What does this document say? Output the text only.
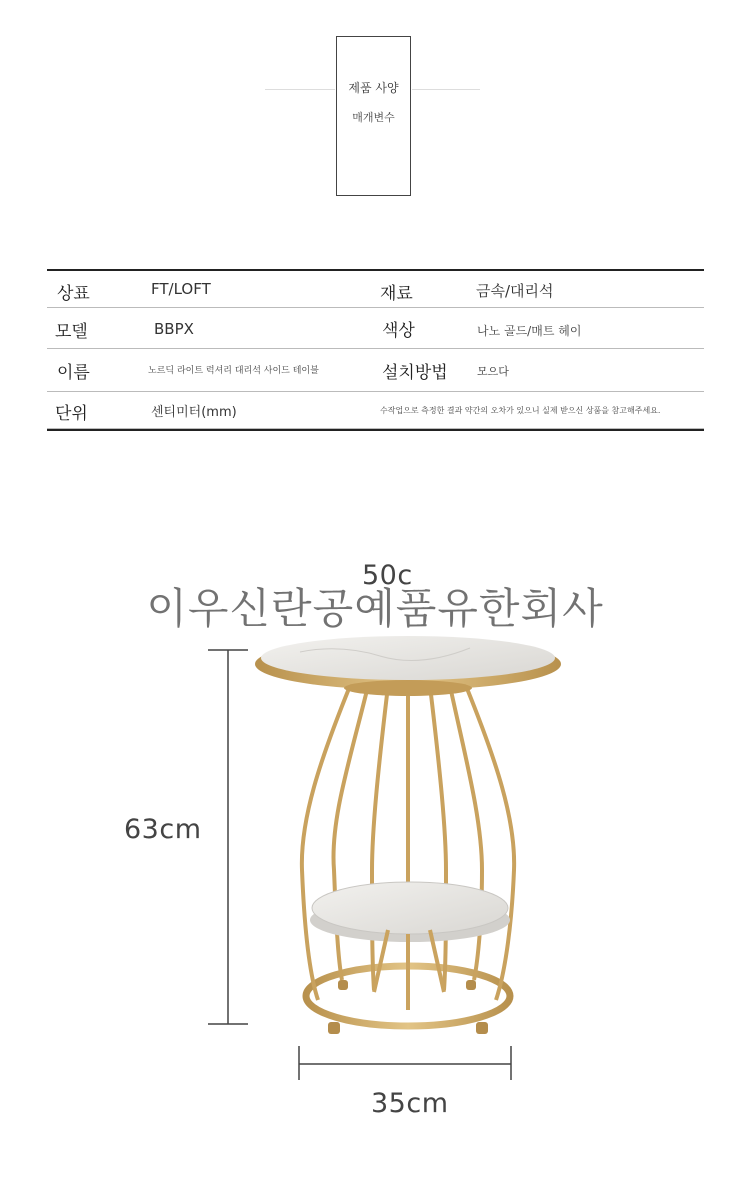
제품 사양
매개변수
상표	FT/LOFT	재료	금속/대리석
모델	BBPX	색상	나노 골드/매트 헤이
이름	노르딕 라이트 럭셔리 대리석 사이드 테이블	설치방법	모으다
단위	센티미터(mm)	수작업으로 측정한 결과 약간의 오차가 있으니 실제 받으신 상품을 참고해주세요.
50c
63cm
35cm
이우신란공예품유한회사
